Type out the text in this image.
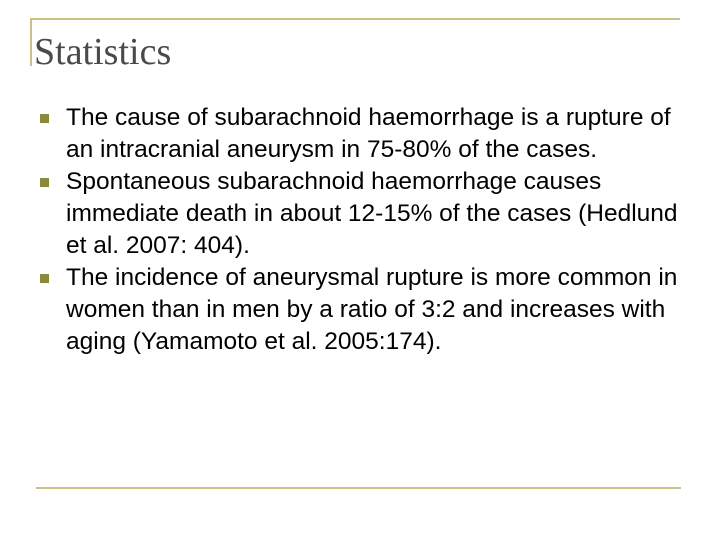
Statistics
The cause of subarachnoid haemorrhage is a rupture of an intracranial aneurysm in 75-80% of the cases.
Spontaneous subarachnoid haemorrhage causes immediate death in about 12-15% of the cases (Hedlund et al. 2007: 404).
The incidence of aneurysmal rupture is more common in women than in men by a ratio of 3:2 and increases with aging (Yamamoto et al. 2005:174).
